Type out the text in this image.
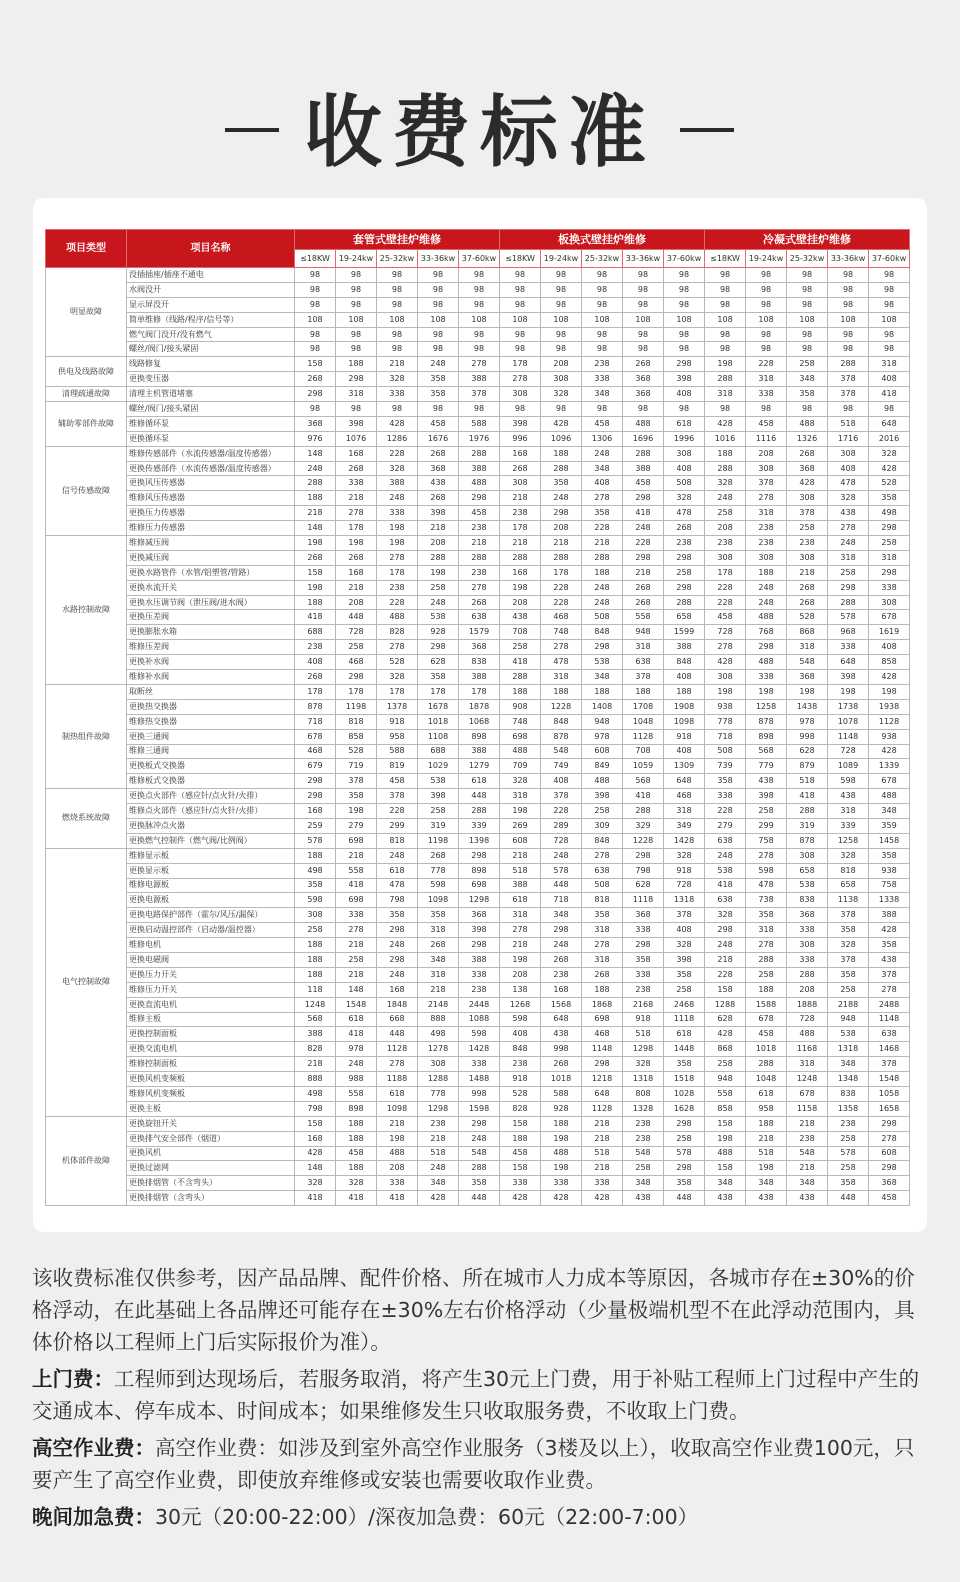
收费标准
项目类型	项目名称	套管式壁挂炉维修					板换式壁挂炉维修					冷凝式壁挂炉维修				
		≤18KW	19-24kw	25-32kw	33-36kw	37-60kw	≤18KW	19-24kw	25-32kw	33-36kw	37-60kw	≤18KW	19-24kw	25-32kw	33-36kw	37-60kw
明显故障	没插插座/插座不通电	98	98	98	98	98	98	98	98	98	98	98	98	98	98	98
	水阀没开	98	98	98	98	98	98	98	98	98	98	98	98	98	98	98
	显示屏没开	98	98	98	98	98	98	98	98	98	98	98	98	98	98	98
	简单维修（线路/程序/信号等）	108	108	108	108	108	108	108	108	108	108	108	108	108	108	108
	燃气阀门没开/没有燃气	98	98	98	98	98	98	98	98	98	98	98	98	98	98	98
	螺丝/阀门/接头紧固	98	98	98	98	98	98	98	98	98	98	98	98	98	98	98
供电及线路故障	线路修复	158	188	218	248	278	178	208	238	268	298	198	228	258	288	318
	更换变压器	268	298	328	358	388	278	308	338	368	398	288	318	348	378	408
清理疏通故障	清理主机管道堵塞	298	318	338	358	378	308	328	348	368	408	318	338	358	378	418
辅助零部件故障	螺丝/阀门/接头紧固	98	98	98	98	98	98	98	98	98	98	98	98	98	98	98
	维修循环泵	368	398	428	458	588	398	428	458	488	618	428	458	488	518	648
	更换循环泵	976	1076	1286	1676	1976	996	1096	1306	1696	1996	1016	1116	1326	1716	2016
信号传感故障	维修传感部件（水流传感器/温度传感器）	148	168	228	268	288	168	188	248	288	308	188	208	268	308	328
	更换传感部件（水流传感器/温度传感器）	248	268	328	368	388	268	288	348	388	408	288	308	368	408	428
	更换风压传感器	288	338	388	438	488	308	358	408	458	508	328	378	428	478	528
	维修风压传感器	188	218	248	268	298	218	248	278	298	328	248	278	308	328	358
	更换压力传感器	218	278	338	398	458	238	298	358	418	478	258	318	378	438	498
	维修压力传感器	148	178	198	218	238	178	208	228	248	268	208	238	258	278	298
水路控制故障	维修减压阀	198	198	198	208	218	218	218	218	228	238	238	238	238	248	258
	更换减压阀	268	268	278	288	288	288	288	288	298	298	308	308	308	318	318
	更换水路管件（水管/铝塑管/管路）	158	168	178	198	238	168	178	188	218	258	178	188	218	258	298
	更换水流开关	198	218	238	258	278	198	228	248	268	298	228	248	268	298	338
	更换水压调节阀（泄压阀/进水阀）	188	208	228	248	268	208	228	248	268	288	228	248	268	288	308
	更换压差阀	418	448	488	538	638	438	468	508	558	658	458	488	528	578	678
	更换膨胀水箱	688	728	828	928	1579	708	748	848	948	1599	728	768	868	968	1619
	维修压差阀	238	258	278	298	368	258	278	298	318	388	278	298	318	338	408
	更换补水阀	408	468	528	628	838	418	478	538	638	848	428	488	548	648	858
	维修补水阀	268	298	328	358	388	288	318	348	378	408	308	338	368	398	428
制热组件故障	取断丝	178	178	178	178	178	188	188	188	188	188	198	198	198	198	198
	更换热交换器	878	1198	1378	1678	1878	908	1228	1408	1708	1908	938	1258	1438	1738	1938
	维修热交换器	718	818	918	1018	1068	748	848	948	1048	1098	778	878	978	1078	1128
	更换三通阀	678	858	958	1108	898	698	878	978	1128	918	718	898	998	1148	938
	维修三通阀	468	528	588	688	388	488	548	608	708	408	508	568	628	728	428
	更换板式交换器	679	719	819	1029	1279	709	749	849	1059	1309	739	779	879	1089	1339
	维修板式交换器	298	378	458	538	618	328	408	488	568	648	358	438	518	598	678
燃烧系统故障	更换点火部件（感应针/点火针/火排）	298	358	378	398	448	318	378	398	418	468	338	398	418	438	488
	维修点火部件（感应针/点火针/火排）	168	198	228	258	288	198	228	258	288	318	228	258	288	318	348
	更换脉冲点火器	259	279	299	319	339	269	289	309	329	349	279	299	319	339	359
	更换燃气控制件（燃气阀/比例阀）	578	698	818	1198	1398	608	728	848	1228	1428	638	758	878	1258	1458
电气控制故障	维修显示板	188	218	248	268	298	218	248	278	298	328	248	278	308	328	358
	更换显示板	498	558	618	778	898	518	578	638	798	918	538	598	658	818	938
	维修电源板	358	418	478	598	698	388	448	508	628	728	418	478	538	658	758
	更换电源板	598	698	798	1098	1298	618	718	818	1118	1318	638	738	838	1138	1338
	更换电路保护部件（霍尔/风压/漏保）	308	338	358	358	368	318	348	358	368	378	328	358	368	378	388
	更换启动温控部件（启动器/温控器）	258	278	298	318	398	278	298	318	338	408	298	318	338	358	428
	维修电机	188	218	248	268	298	218	248	278	298	328	248	278	308	328	358
	更换电磁阀	188	258	298	348	388	198	268	318	358	398	218	288	338	378	438
	更换压力开关	188	218	248	318	338	208	238	268	338	358	228	258	288	358	378
	维修压力开关	118	148	168	218	238	138	168	188	238	258	158	188	208	258	278
	更换直流电机	1248	1548	1848	2148	2448	1268	1568	1868	2168	2468	1288	1588	1888	2188	2488
	维修主板	568	618	668	888	1088	598	648	698	918	1118	628	678	728	948	1148
	更换控制面板	388	418	448	498	598	408	438	468	518	618	428	458	488	538	638
	更换交流电机	828	978	1128	1278	1428	848	998	1148	1298	1448	868	1018	1168	1318	1468
	维修控制面板	218	248	278	308	338	238	268	298	328	358	258	288	318	348	378
	更换风机变频板	888	988	1188	1288	1488	918	1018	1218	1318	1518	948	1048	1248	1348	1548
	维修风机变频板	498	558	618	778	998	528	588	648	808	1028	558	618	678	838	1058
	更换主板	798	898	1098	1298	1598	828	928	1128	1328	1628	858	958	1158	1358	1658
机体部件故障	更换旋钮开关	158	188	218	238	298	158	188	218	238	298	158	188	218	238	298
	更换排气安全部件（烟道）	168	188	198	218	248	188	198	218	238	258	198	218	238	258	278
	更换风机	428	458	488	518	548	458	488	518	548	578	488	518	548	578	608
	更换过滤网	148	188	208	248	288	158	198	218	258	298	158	198	218	258	298
	更换排烟管（不含弯头）	328	328	338	348	358	338	338	338	348	358	348	348	348	358	368
	更换排烟管（含弯头）	418	418	418	428	448	428	428	428	438	448	438	438	438	448	458

该收费标准仅供参考，因产品品牌、配件价格、所在城市人力成本等原因，各城市存在±30%的价格浮动，在此基础上各品牌还可能存在±30%左右价格浮动（少量极端机型不在此浮动范围内，具体价格以工程师上门后实际报价为准）。

上门费：工程师到达现场后，若服务取消，将产生30元上门费，用于补贴工程师上门过程中产生的交通成本、停车成本、时间成本；如果维修发生只收取服务费，不收取上门费。

高空作业费：高空作业费：如涉及到室外高空作业服务（3楼及以上），收取高空作业费100元，只要产生了高空作业费，即使放弃维修或安装也需要收取作业费。

晚间加急费：30元（20:00-22:00）/深夜加急费：60元（22:00-7:00）
